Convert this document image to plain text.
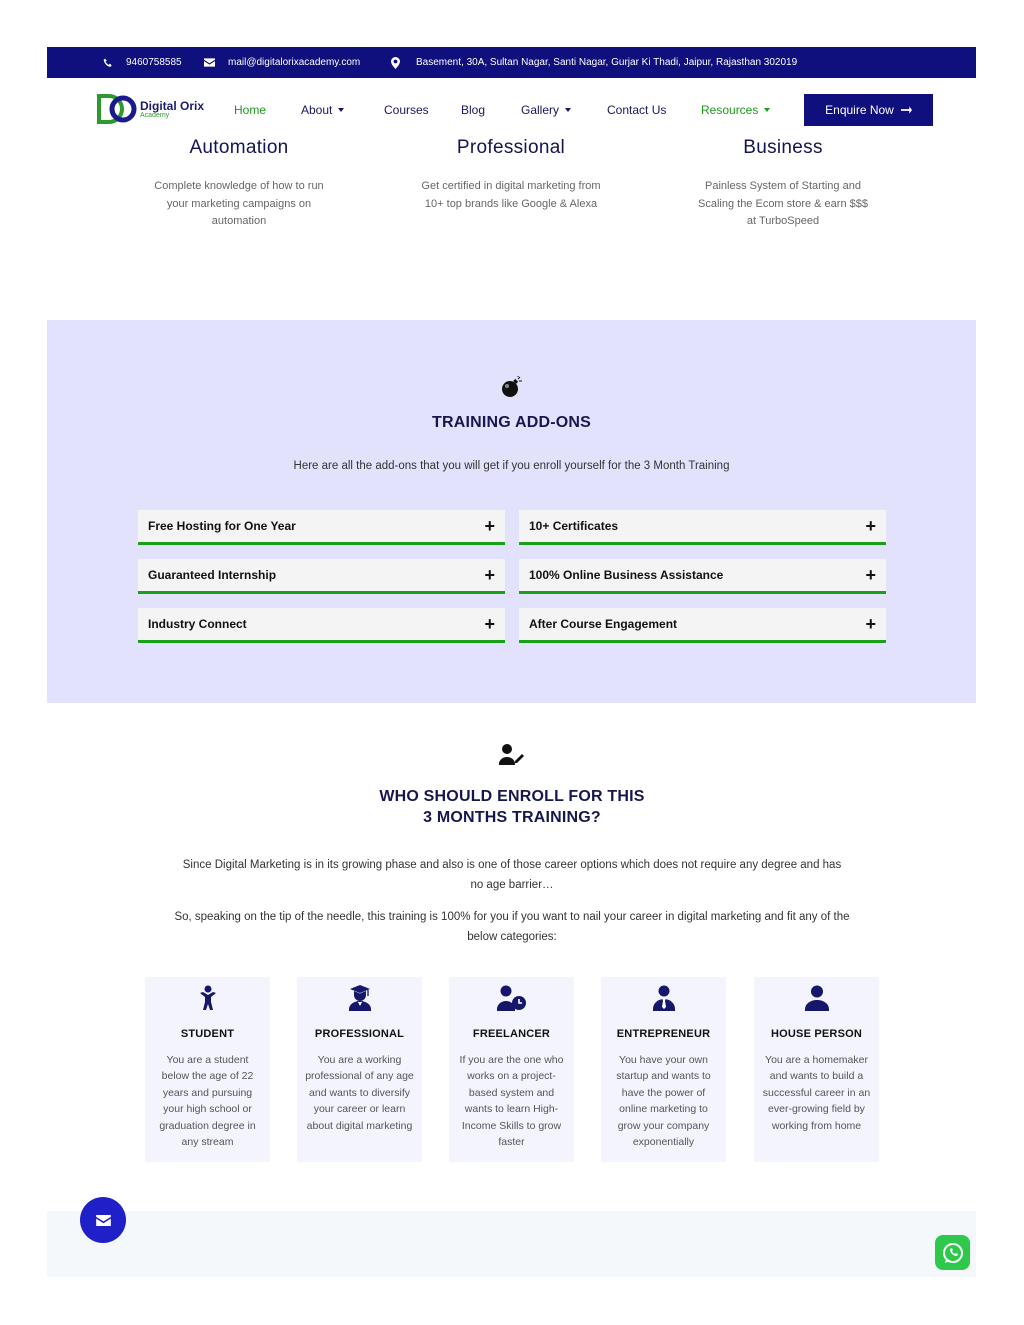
9460758585	mail@digitalorixacademy.com	Basement, 30A, Sultan Nagar, Santi Nagar, Gurjar Ki Thadi, Jaipur, Rajasthan 302019
Digital Orix
Academy	Home	About	Courses	Blog	Gallery	Contact Us	Resources	Enquire Now
Automation

Complete knowledge of how to run your marketing campaigns on automation

Professional

Get certified in digital marketing from 10+ top brands like Google & Alexa

Business

Painless System of Starting and Scaling the Ecom store & earn $$$ at TurboSpeed

TRAINING ADD-ONS
Here are all the add-ons that you will get if you enroll yourself for the 3 Month Training
Free Hosting for One Year	+	10+ Certificates	+
Guaranteed Internship	+	100% Online Business Assistance	+
Industry Connect	+	After Course Engagement	+
WHO SHOULD ENROLL FOR THIS
3 MONTHS TRAINING?
Since Digital Marketing is in its growing phase and also is one of those career options which does not require any degree and has no age barrier…
So, speaking on the tip of the needle, this training is 100% for you if you want to nail your career in digital marketing and fit any of the below categories:
STUDENT

You are a student below the age of 22 years and pursuing your high school or graduation degree in any stream

PROFESSIONAL

You are a working professional of any age and wants to diversify your career or learn about digital marketing

FREELANCER

If you are the one who works on a project-based system and wants to learn High-Income Skills to grow faster

ENTREPRENEUR

You have your own startup and wants to have the power of online marketing to grow your company exponentially

HOUSE PERSON

You are a homemaker and wants to build a successful career in an ever-growing field by working from home
